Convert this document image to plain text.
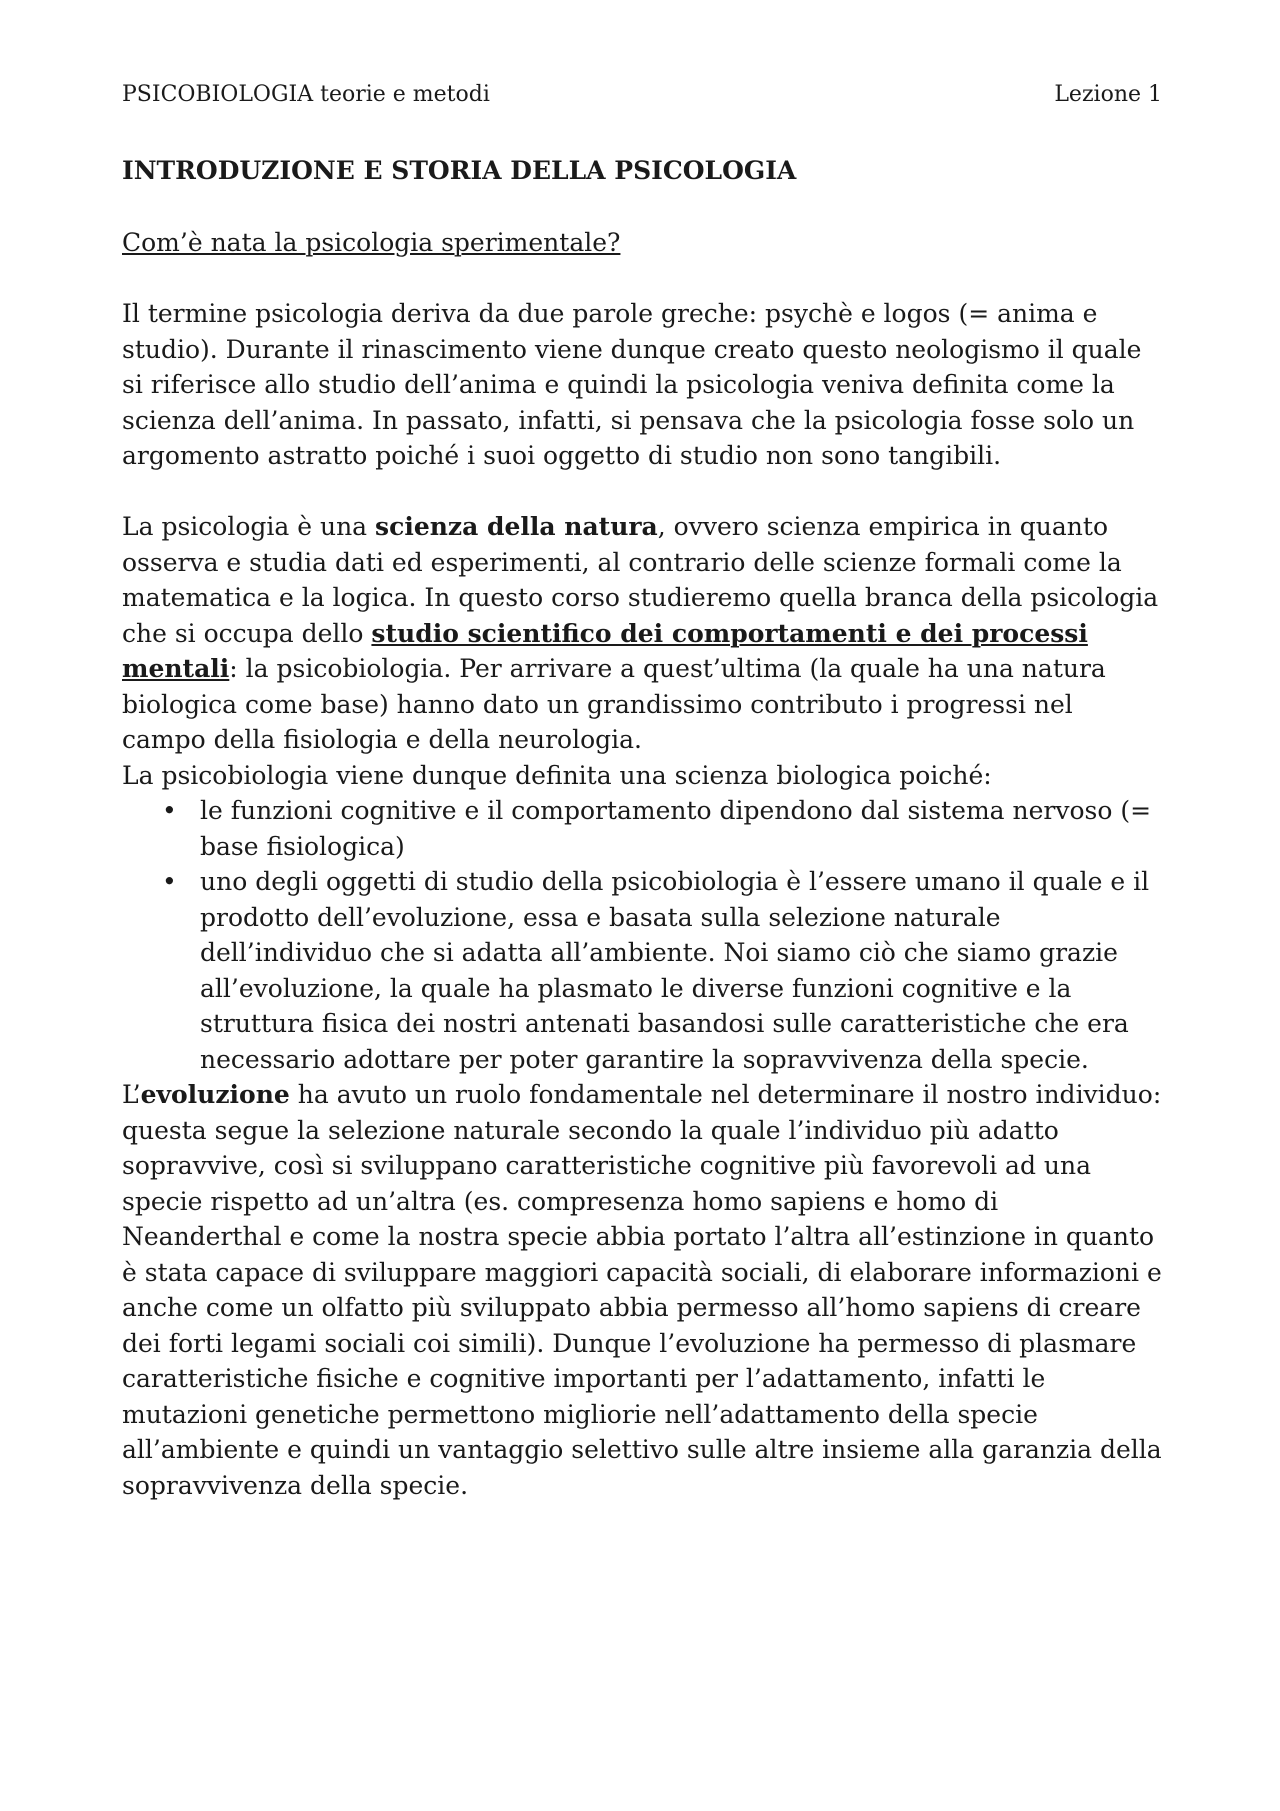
PSICOBIOLOGIA teorie e metodi	Lezione 1

INTRODUZIONE E STORIA DELLA PSICOLOGIA

Com’è nata la psicologia sperimentale?

Il termine psicologia deriva da due parole greche: psychè e logos (= anima e studio). Durante il rinascimento viene dunque creato questo neologismo il quale si riferisce allo studio dell’anima e quindi la psicologia veniva definita come la scienza dell’anima. In passato, infatti, si pensava che la psicologia fosse solo un argomento astratto poiché i suoi oggetto di studio non sono tangibili.

La psicologia è una scienza della natura, ovvero scienza empirica in quanto osserva e studia dati ed esperimenti, al contrario delle scienze formali come la matematica e la logica. In questo corso studieremo quella branca della psicologia che si occupa dello studio scientifico dei comportamenti e dei processi mentali: la psicobiologia. Per arrivare a quest’ultima (la quale ha una natura biologica come base) hanno dato un grandissimo contributo i progressi nel campo della fisiologia e della neurologia.

La psicobiologia viene dunque definita una scienza biologica poiché:

• le funzioni cognitive e il comportamento dipendono dal sistema nervoso (= base fisiologica)
• uno degli oggetti di studio della psicobiologia è l’essere umano il quale e il prodotto dell’evoluzione, essa e basata sulla selezione naturale dell’individuo che si adatta all’ambiente. Noi siamo ciò che siamo grazie all’evoluzione, la quale ha plasmato le diverse funzioni cognitive e la struttura fisica dei nostri antenati basandosi sulle caratteristiche che era necessario adottare per poter garantire la sopravvivenza della specie.

L’evoluzione ha avuto un ruolo fondamentale nel determinare il nostro individuo: questa segue la selezione naturale secondo la quale l’individuo più adatto sopravvive, così si sviluppano caratteristiche cognitive più favorevoli ad una specie rispetto ad un’altra (es. compresenza homo sapiens e homo di Neanderthal e come la nostra specie abbia portato l’altra all’estinzione in quanto è stata capace di sviluppare maggiori capacità sociali, di elaborare informazioni e anche come un olfatto più sviluppato abbia permesso all’homo sapiens di creare dei forti legami sociali coi simili). Dunque l’evoluzione ha permesso di plasmare caratteristiche fisiche e cognitive importanti per l’adattamento, infatti le mutazioni genetiche permettono migliorie nell’adattamento della specie all’ambiente e quindi un vantaggio selettivo sulle altre insieme alla garanzia della sopravvivenza della specie.
